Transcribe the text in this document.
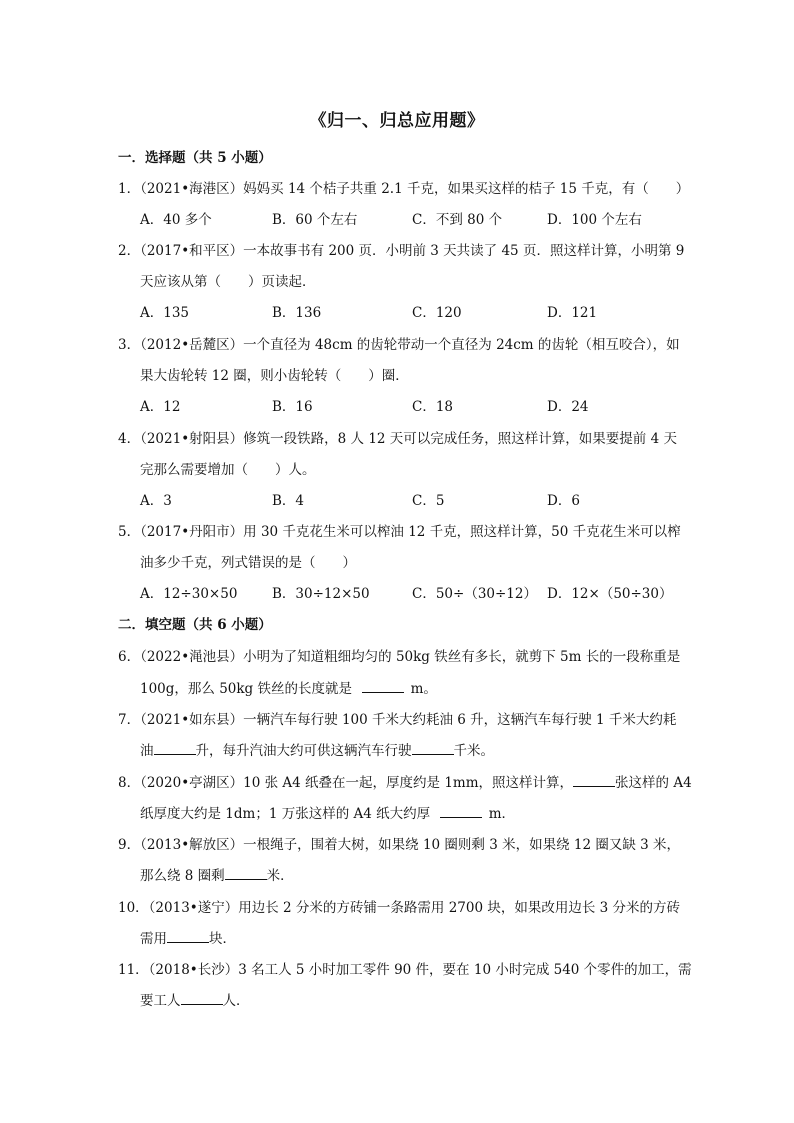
《归一、归总应用题》
一．选择题（共 5 小题）
1．（2021•海港区）妈妈买 14 个桔子共重 2.1 千克，如果买这样的桔子 15 千克，有（　　）
A．40 多个	B．60 个左右	C．不到 80 个	D．100 个左右
2．（2017•和平区）一本故事书有 200 页．小明前 3 天共读了 45 页．照这样计算，小明第 9
天应该从第（　　）页读起．
A．135	B．136	C．120	D．121
3．（2012•岳麓区）一个直径为 48cm 的齿轮带动一个直径为 24cm 的齿轮（相互咬合），如
果大齿轮转 12 圈，则小齿轮转（　　）圈．
A．12	B．16	C．18	D．24
4．（2021•射阳县）修筑一段铁路，8 人 12 天可以完成任务，照这样计算，如果要提前 4 天
完那么需要增加（　　）人。
A．3	B．4	C．5	D．6
5．（2017•丹阳市）用 30 千克花生米可以榨油 12 千克，照这样计算，50 千克花生米可以榨
油多少千克，列式错误的是（　　）
A．12÷30×50	B．30÷12×50	C．50÷（30÷12） D．12×（50÷30）
二．填空题（共 6 小题）
6．（2022•渑池县）小明为了知道粗细均匀的 50kg 铁丝有多长，就剪下 5m 长的一段称重是
100g，那么 50kg 铁丝的长度就是	m。
7．（2021•如东县）一辆汽车每行驶 100 千米大约耗油 6 升，这辆汽车每行驶 1 千米大约耗
油	升，每升汽油大约可供这辆汽车行驶	千米。
8．（2020•亭湖区）10 张 A4 纸叠在一起，厚度约是 1mm，照这样计算，	张这样的 A4
纸厚度大约是 1dm；1 万张这样的 A4 纸大约厚	m．
9．（2013•解放区）一根绳子，围着大树，如果绕 10 圈则剩 3 米，如果绕 12 圈又缺 3 米，
那么绕 8 圈剩	米．
10．（2013•遂宁）用边长 2 分米的方砖铺一条路需用 2700 块，如果改用边长 3 分米的方砖
需用	块．
11．（2018•长沙）3 名工人 5 小时加工零件 90 件，要在 10 小时完成 540 个零件的加工，需
要工人	人．
